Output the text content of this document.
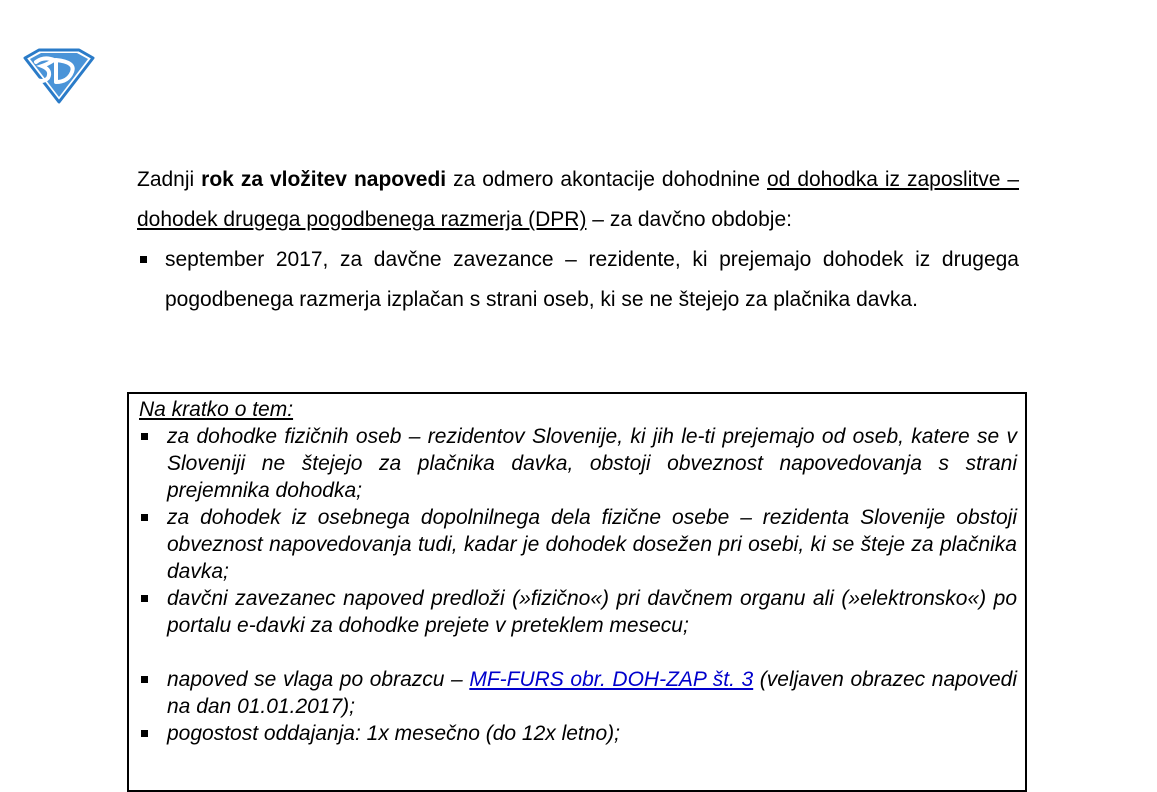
Zadnji rok za vložitev napovedi za odmero akontacije dohodnine od dohodka iz zaposlitve – dohodek drugega pogodbenega razmerja (DPR) – za davčno obdobje:

september 2017, za davčne zavezance – rezidente, ki prejemajo dohodek iz drugega pogodbenega razmerja izplačan s strani oseb, ki se ne štejejo za plačnika davka.

Na kratko o tem:

za dohodke fizičnih oseb – rezidentov Slovenije, ki jih le-ti prejemajo od oseb, katere se v Sloveniji ne štejejo za plačnika davka, obstoji obveznost napovedovanja s strani prejemnika dohodka;
za dohodek iz osebnega dopolnilnega dela fizične osebe – rezidenta Slovenije obstoji obveznost napovedovanja tudi, kadar je dohodek dosežen pri osebi, ki se šteje za plačnika davka;
davčni zavezanec napoved predloži (»fizično«) pri davčnem organu ali (»elektronsko«) po portalu e-davki za dohodke prejete v preteklem mesecu;
napoved se vlaga po obrazcu – MF-FURS obr. DOH-ZAP št. 3 (veljaven obrazec napovedi na dan 01.01.2017);
pogostost oddajanja: 1x mesečno (do 12x letno);
